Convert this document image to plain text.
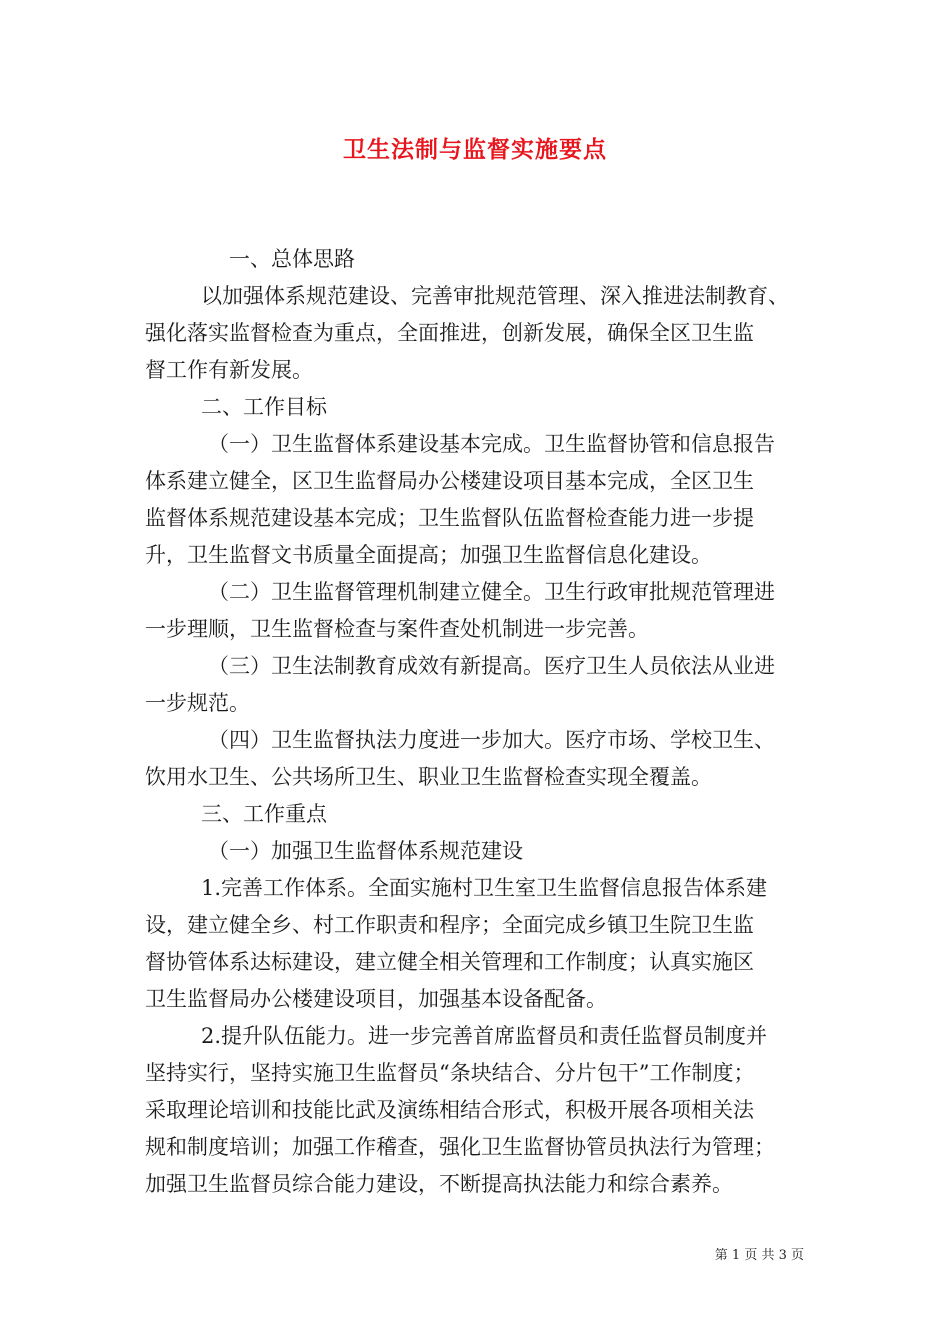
卫生法制与监督实施要点

一、总体思路

以加强体系规范建设、完善审批规范管理、深入推进法制教育、

强化落实监督检查为重点，全面推进，创新发展，确保全区卫生监

督工作有新发展。

二、工作目标

（一）卫生监督体系建设基本完成。卫生监督协管和信息报告

体系建立健全，区卫生监督局办公楼建设项目基本完成，全区卫生

监督体系规范建设基本完成；卫生监督队伍监督检查能力进一步提

升，卫生监督文书质量全面提高；加强卫生监督信息化建设。

（二）卫生监督管理机制建立健全。卫生行政审批规范管理进

一步理顺，卫生监督检查与案件查处机制进一步完善。

（三）卫生法制教育成效有新提高。医疗卫生人员依法从业进

一步规范。

（四）卫生监督执法力度进一步加大。医疗市场、学校卫生、

饮用水卫生、公共场所卫生、职业卫生监督检查实现全覆盖。

三、工作重点

（一）加强卫生监督体系规范建设

1.完善工作体系。全面实施村卫生室卫生监督信息报告体系建

设，建立健全乡、村工作职责和程序；全面完成乡镇卫生院卫生监

督协管体系达标建设，建立健全相关管理和工作制度；认真实施区

卫生监督局办公楼建设项目，加强基本设备配备。

2.提升队伍能力。进一步完善首席监督员和责任监督员制度并

坚持实行，坚持实施卫生监督员“条块结合、分片包干”工作制度；

采取理论培训和技能比武及演练相结合形式，积极开展各项相关法

规和制度培训；加强工作稽查，强化卫生监督协管员执法行为管理；

加强卫生监督员综合能力建设，不断提高执法能力和综合素养。

第 1 页 共 3 页
